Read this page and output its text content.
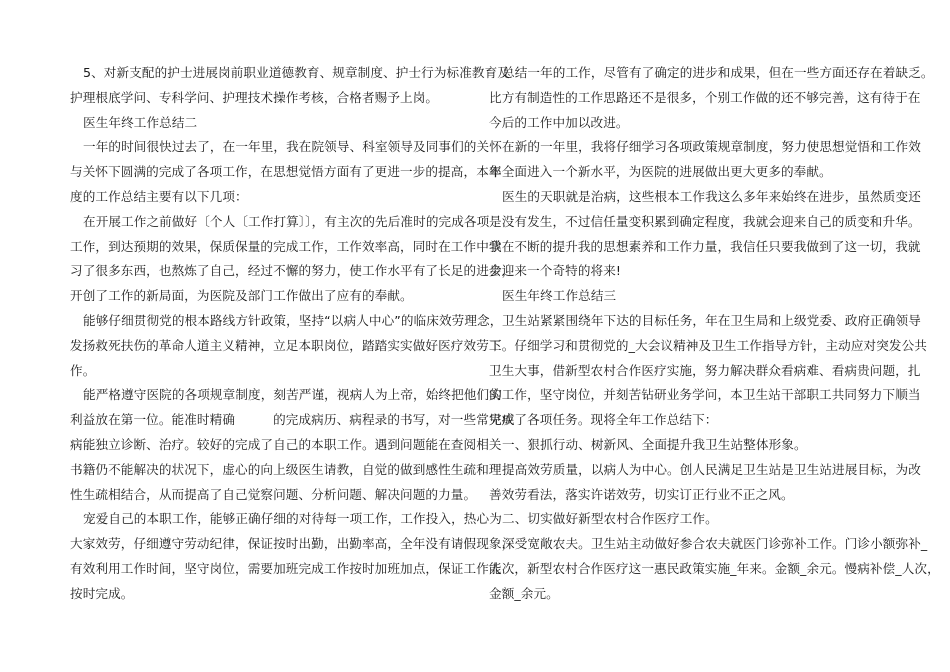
5、对新支配的护士进展岗前职业道德教育、规章制度、护士行为标准教育及
护理根底学问、专科学问、护理技术操作考核，合格者赐予上岗。
医生年终工作总结二
一年的时间很快过去了，在一年里，我在院领导、科室领导及同事们的关怀
与关怀下圆满的完成了各项工作，在思想觉悟方面有了更进一步的提高，本年
度的工作总结主要有以下几项：
在开展工作之前做好〔个人〔工作打算〕〕，有主次的先后准时的完成各项
工作，到达预期的效果，保质保量的完成工作，工作效率高，同时在工作中学
习了很多东西，也熬炼了自己，经过不懈的努力，使工作水平有了长足的进步，
开创了工作的新局面，为医院及部门工作做出了应有的奉献。
能够仔细贯彻党的根本路线方针政策，坚持“以病人中心”的临床效劳理念，
发扬救死扶伤的革命人道主义精神，立足本职岗位，踏踏实实做好医疗效劳工
作。
能严格遵守医院的各项规章制度，刻苦严谨，视病人为上帝，始终把他们的
利益放在第一位。能准时精确　　　的完成病历、病程录的书写，对一些常见疾
病能独立诊断、治疗。较好的完成了自己的本职工作。遇到问题能在查阅相关
书籍仍不能解决的状况下，虚心的向上级医生请教，自觉的做到感性生疏和理
性生疏相结合，从而提高了自己觉察问题、分析问题、解决问题的力量。
宠爱自己的本职工作，能够正确仔细的对待每一项工作，工作投入，热心为
大家效劳，仔细遵守劳动纪律，保证按时出勤，出勤率高，全年没有请假现象，
有效利用工作时间，坚守岗位，需要加班完成工作按时加班加点，保证工作能
按时完成。
总结一年的工作，尽管有了确定的进步和成果，但在一些方面还存在着缺乏。
比方有制造性的工作思路还不是很多，个别工作做的还不够完善，这有待于在
今后的工作中加以改进。
在新的一年里，我将仔细学习各项政策规章制度，努力使思想觉悟和工作效
率全面进入一个新水平，为医院的进展做出更大更多的奉献。
医生的天职就是治病，这些根本工作我这么多年来始终在进步，虽然质变还
是没有发生，不过信任量变积累到确定程度，我就会迎来自己的质变和升华。
我在不断的提升我的思想素养和工作力量，我信任只要我做到了这一切，我就
会迎来一个奇特的将来!
医生年终工作总结三
卫生站紧紧围绕年下达的目标任务，年在卫生局和上级党委、政府正确领导
下。仔细学习和贯彻党的_大会议精神及卫生工作指导方针，主动应对突发公共
卫生大事，借新型农村合作医疗实施，努力解决群众看病难、看病贵问题，扎
实工作，坚守岗位，并刻苦钻研业务学问，本卫生站干部职工共同努力下顺当
完成了各项任务。现将全年工作总结下：
一、狠抓行动、树新风、全面提升我卫生站整体形象。
提高效劳质量，以病人为中心。创人民满足卫生站是卫生站进展目标，为改
善效劳看法，落实许诺效劳，切实订正行业不正之风。
二、切实做好新型农村合作医疗工作。
深受宽敞农夫。卫生站主动做好参合农夫就医门诊弥补工作。门诊小额弥补_
人次，新型农村合作医疗这一惠民政策实施_年来。金额_余元。慢病补偿_人次，
金额_余元。
